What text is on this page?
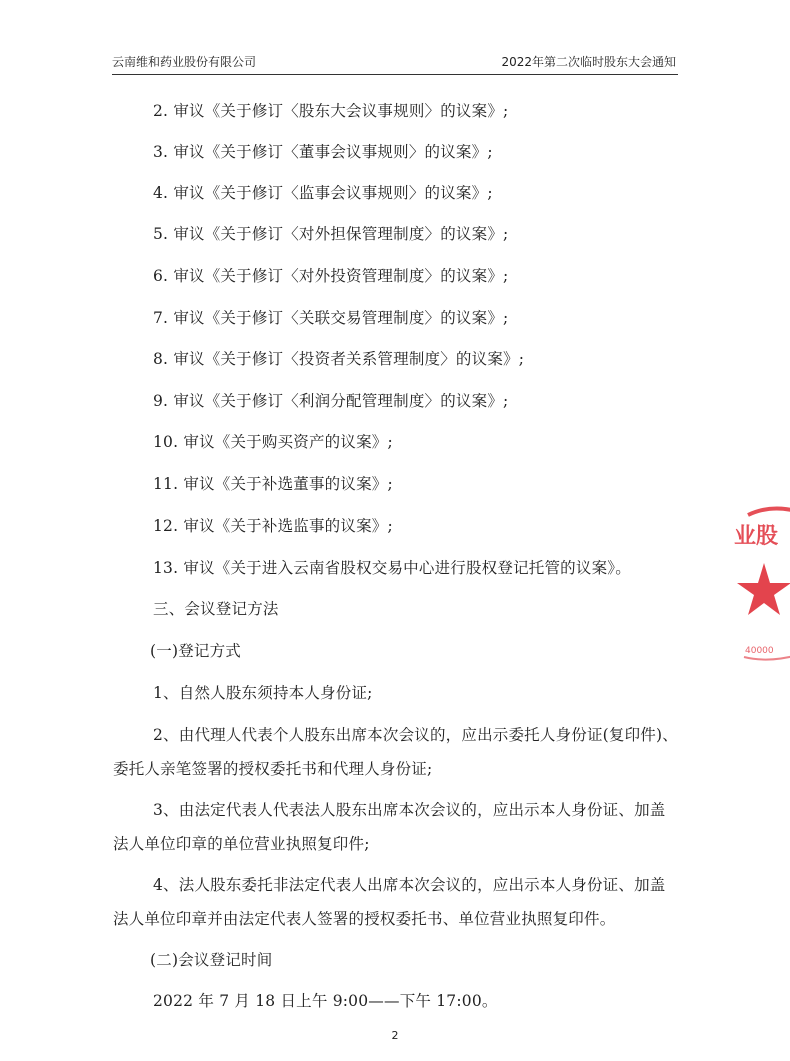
云南维和药业股份有限公司	2022年第二次临时股东大会通知
2. 审议《关于修订〈股东大会议事规则〉的议案》;
3. 审议《关于修订〈董事会议事规则〉的议案》;
4. 审议《关于修订〈监事会议事规则〉的议案》;
5. 审议《关于修订〈对外担保管理制度〉的议案》;
6. 审议《关于修订〈对外投资管理制度〉的议案》;
7. 审议《关于修订〈关联交易管理制度〉的议案》;
8. 审议《关于修订〈投资者关系管理制度〉的议案》;
9. 审议《关于修订〈利润分配管理制度〉的议案》;
10. 审议《关于购买资产的议案》;
11. 审议《关于补选董事的议案》;
12. 审议《关于补选监事的议案》;
13. 审议《关于进入云南省股权交易中心进行股权登记托管的议案》。
三、会议登记方法
(一)登记方式
1、自然人股东须持本人身份证;
2、由代理人代表个人股东出席本次会议的，应出示委托人身份证(复印件)、
委托人亲笔签署的授权委托书和代理人身份证;
3、由法定代表人代表法人股东出席本次会议的，应出示本人身份证、加盖
法人单位印章的单位营业执照复印件;
4、法人股东委托非法定代表人出席本次会议的，应出示本人身份证、加盖
法人单位印章并由法定代表人签署的授权委托书、单位营业执照复印件。
(二)会议登记时间
2022 年 7 月 18 日上午 9:00——下午 17:00。
业股
40000
2
